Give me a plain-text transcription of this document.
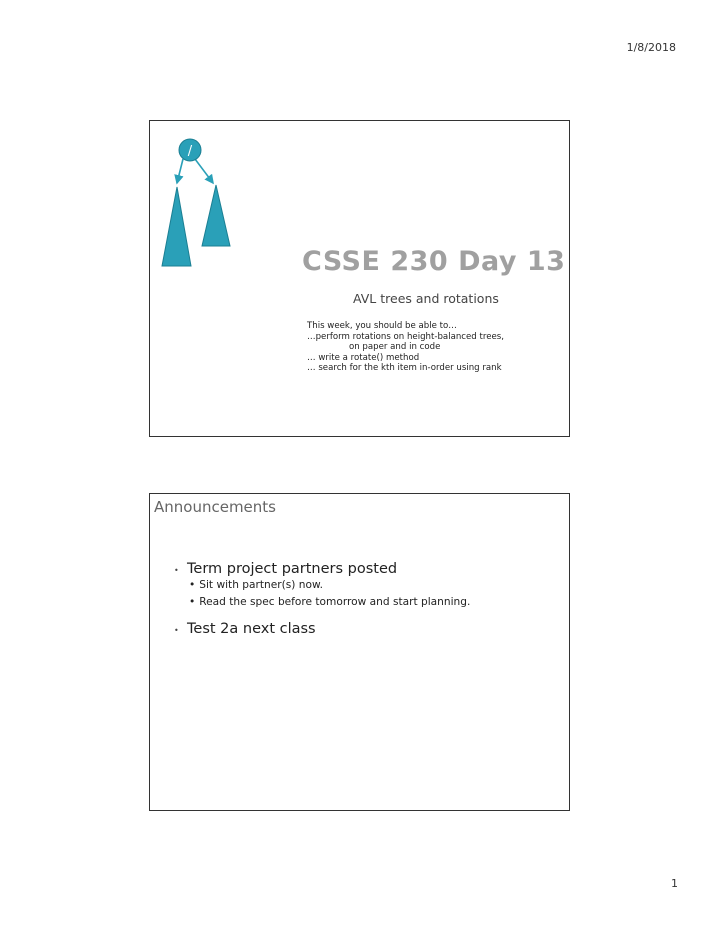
1/8/2018
/
CSSE 230 Day 13
AVL trees and rotations
This week, you should be able to…
…perform rotations on height-balanced trees,
on paper and in code
… write a rotate() method
… search for the kth item in-order using rank
Announcements
• Term project partners posted
• Sit with partner(s) now.
• Read the spec before tomorrow and start planning.
• Test 2a next class
1
